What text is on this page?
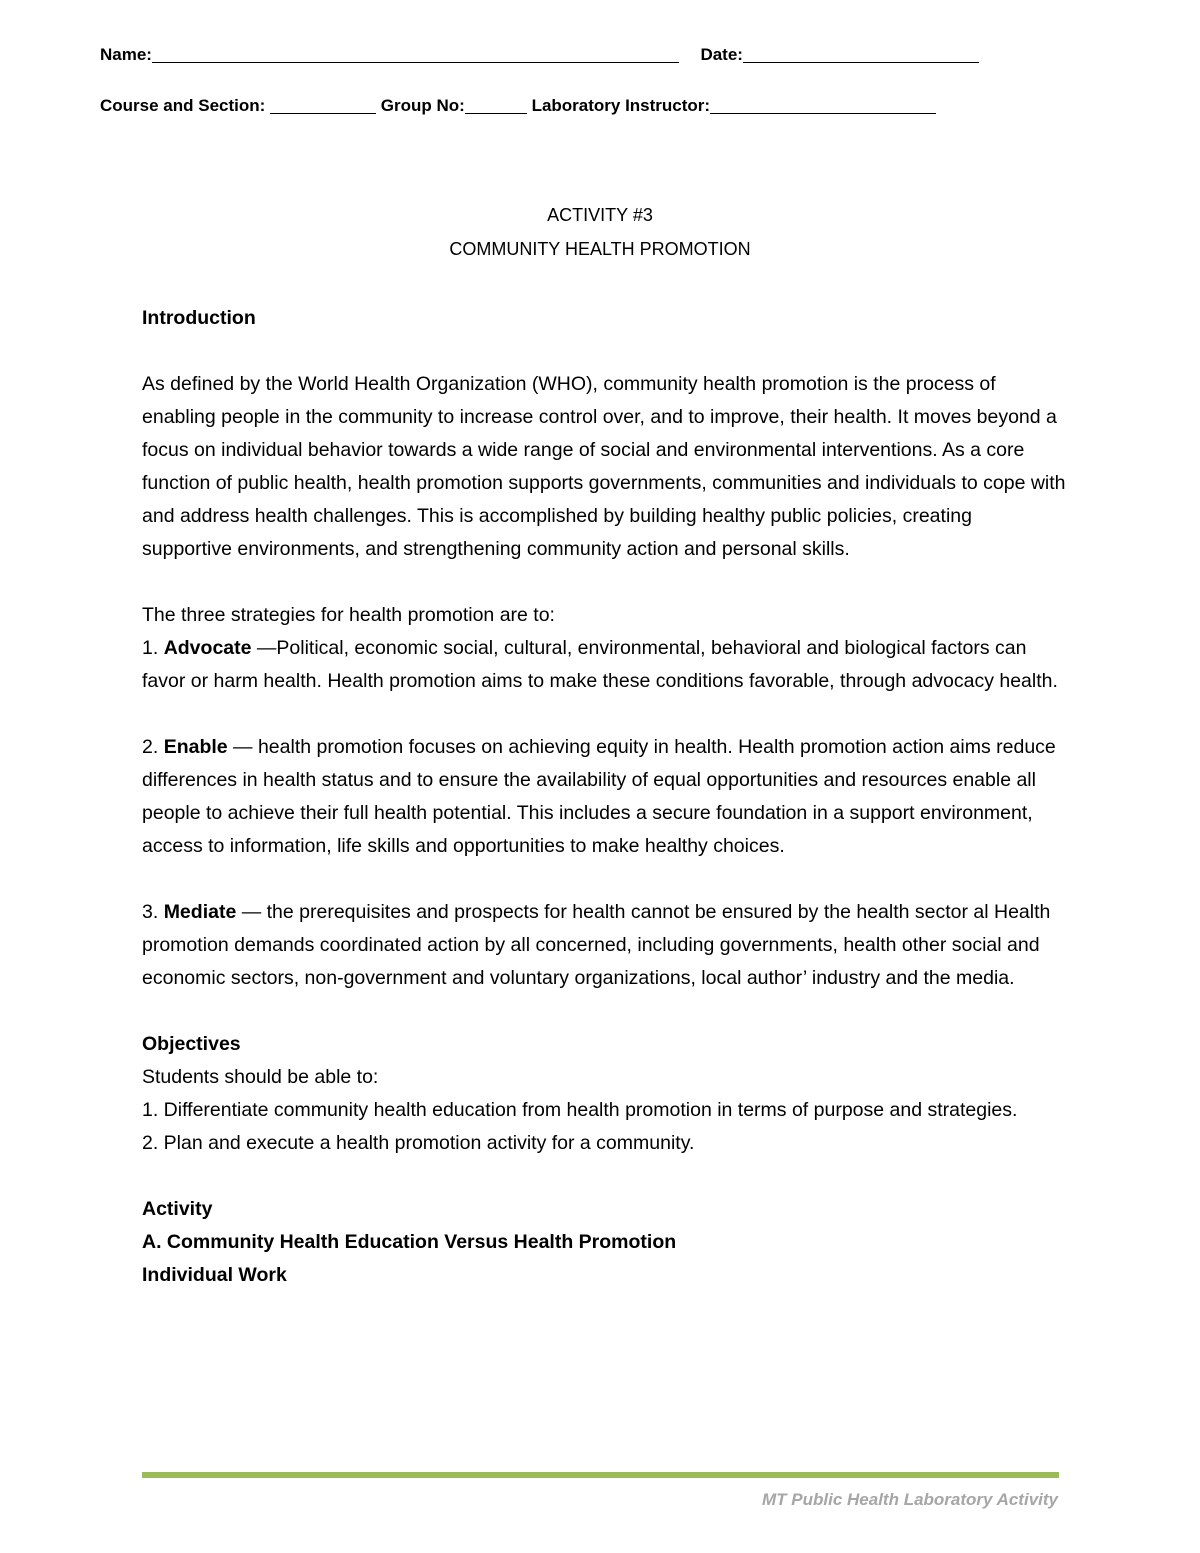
Name:	Date:
Course and Section:	Group No:	Laboratory Instructor:
ACTIVITY #3
COMMUNITY HEALTH PROMOTION

Introduction

As defined by the World Health Organization (WHO), community health promotion is the process of enabling people in the community to increase control over, and to improve, their health. It moves beyond a focus on individual behavior towards a wide range of social and environmental interventions. As a core function of public health, health promotion supports governments, communities and individuals to cope with and address health challenges. This is accomplished by building healthy public policies, creating supportive environments, and strengthening community action and personal skills.

The three strategies for health promotion are to:

1. Advocate —Political, economic social, cultural, environmental, behavioral and biological factors can favor or harm health. Health promotion aims to make these conditions favorable, through advocacy health.

2. Enable — health promotion focuses on achieving equity in health. Health promotion action aims reduce differences in health status and to ensure the availability of equal opportunities and resources enable all people to achieve their full health potential. This includes a secure foundation in a support environment, access to information, life skills and opportunities to make healthy choices.

3. Mediate — the prerequisites and prospects for health cannot be ensured by the health sector al Health promotion demands coordinated action by all concerned, including governments, health other social and economic sectors, non-government and voluntary organizations, local author’ industry and the media.

Objectives

Students should be able to:

1. Differentiate community health education from health promotion in terms of purpose and strategies.

2. Plan and execute a health promotion activity for a community.

Activity

A. Community Health Education Versus Health Promotion

Individual Work

MT Public Health Laboratory Activity
